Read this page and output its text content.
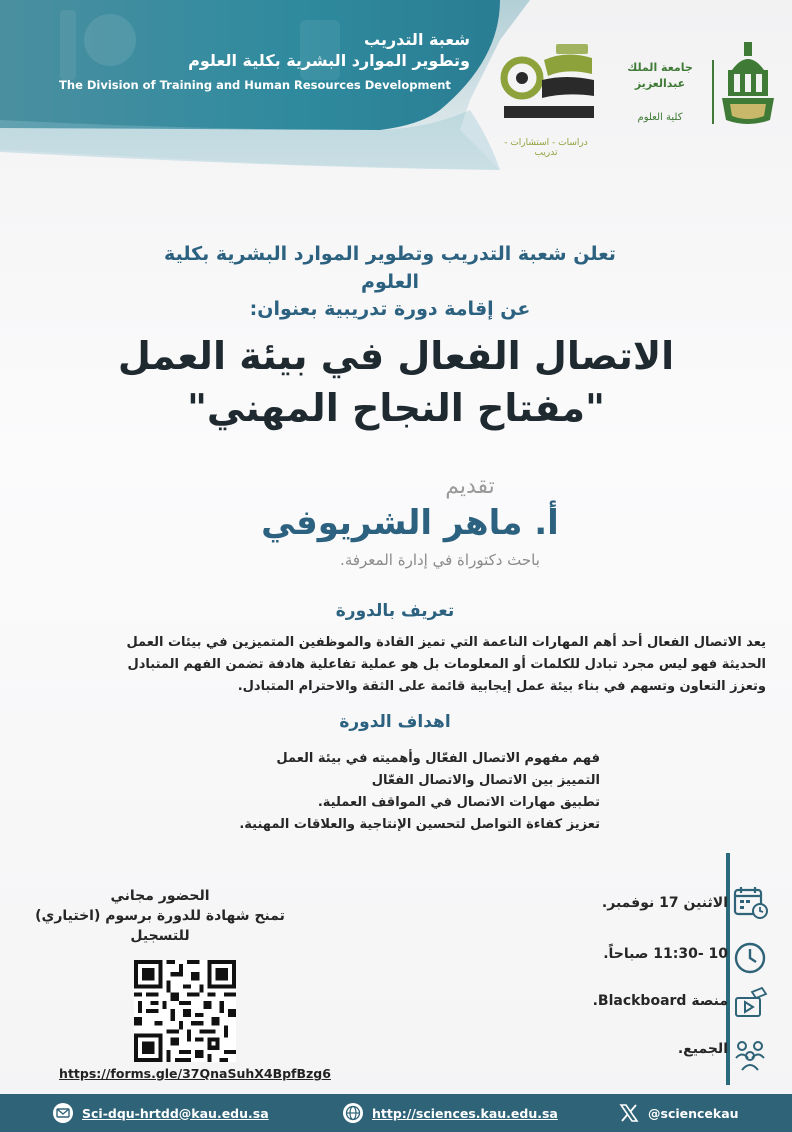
شعبة التدريب
وتطوير الموارد البشرية بكلية العلوم
The Division of Training and Human Resources Development
دراسات - استشارات - تدريب
جامعة الملك عبدالعزيز
كلية العلوم
تعلن شعبة التدريب وتطوير الموارد البشرية بكلية العلوم
عن إقامة دورة تدريبية بعنوان:
الاتصال الفعال في بيئة العمل
"مفتاح النجاح المهني"
تقديم
أ. ماهر الشريوفي
باحث دكتوراة في إدارة المعرفة.
تعريف بالدورة
يعد الاتصال الفعال أحد أهم المهارات الناعمة التي تميز القادة والموظفين المتميزين في بيئات العمل
الحديثة فهو ليس مجرد تبادل للكلمات أو المعلومات بل هو عملية تفاعلية هادفة تضمن الفهم المتبادل
وتعزز التعاون وتسهم في بناء بيئة عمل إيجابية قائمة على الثقة والاحترام المتبادل.
اهداف الدورة
فهم مفهوم الاتصال الفعّال وأهميته في بيئة العمل
التمييز بين الاتصال والاتصال الفعّال
تطبيق مهارات الاتصال في المواقف العملية.
تعزيز كفاءة التواصل لتحسين الإنتاجية والعلاقات المهنية.
الاثنين 17 نوفمبر.
10 -11:30 صباحاً.
منصة Blackboard.
الجميع.
الحضور مجاني
تمنح شهادة للدورة برسوم (اختياري)
للتسجيل
https://forms.gle/37QnaSuhX4BpfBzg6
Sci-dqu-hrtdd@kau.edu.sa	http://sciences.kau.edu.sa	@sciencekau
